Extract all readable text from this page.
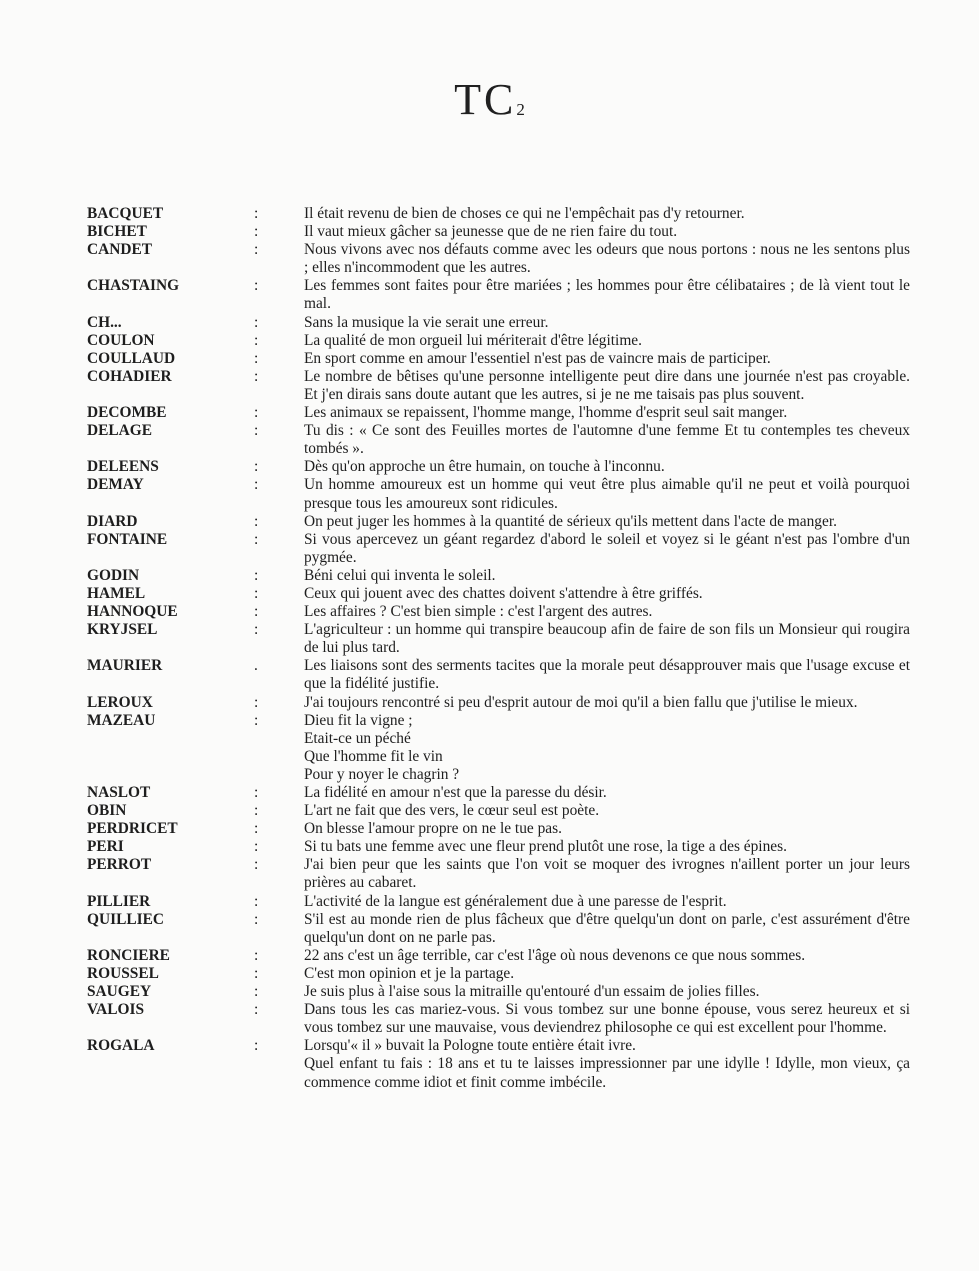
TC2
BACQUET	:	Il était revenu de bien de choses ce qui ne l'empêchait pas d'y retourner.
BICHET	:	Il vaut mieux gâcher sa jeunesse que de ne rien faire du tout.
CANDET	:	Nous vivons avec nos défauts comme avec les odeurs que nous portons : nous ne les sentons plus ; elles n'incommodent que les autres.
CHASTAING	:	Les femmes sont faites pour être mariées ; les hommes pour être célibataires ; de là vient tout le mal.
CH...	:	Sans la musique la vie serait une erreur.
COULON	:	La qualité de mon orgueil lui mériterait d'être légitime.
COULLAUD	:	En sport comme en amour l'essentiel n'est pas de vaincre mais de participer.
COHADIER	:	Le nombre de bêtises qu'une personne intelligente peut dire dans une journée n'est pas croyable. Et j'en dirais sans doute autant que les autres, si je ne me taisais pas plus souvent.
DECOMBE	:	Les animaux se repaissent, l'homme mange, l'homme d'esprit seul sait manger.
DELAGE	:	Tu dis : « Ce sont des Feuilles mortes de l'automne d'une femme Et tu contemples tes cheveux tombés ».
DELEENS	:	Dès qu'on approche un être humain, on touche à l'inconnu.
DEMAY	:	Un homme amoureux est un homme qui veut être plus aimable qu'il ne peut et voilà pourquoi presque tous les amoureux sont ridicules.
DIARD	:	On peut juger les hommes à la quantité de sérieux qu'ils mettent dans l'acte de manger.
FONTAINE	:	Si vous apercevez un géant regardez d'abord le soleil et voyez si le géant n'est pas l'ombre d'un pygmée.
GODIN	:	Béni celui qui inventa le soleil.
HAMEL	:	Ceux qui jouent avec des chattes doivent s'attendre à être griffés.
HANNOQUE	:	Les affaires ? C'est bien simple : c'est l'argent des autres.
KRYJSEL	:	L'agriculteur : un homme qui transpire beaucoup afin de faire de son fils un Monsieur qui rougira de lui plus tard.
MAURIER	.	Les liaisons sont des serments tacites que la morale peut désapprouver mais que l'usage excuse et que la fidélité justifie.
LEROUX	:	J'ai toujours rencontré si peu d'esprit autour de moi qu'il a bien fallu que j'utilise le mieux.
MAZEAU	:	Dieu fit la vigne ;
Etait-ce un péché
Que l'homme fit le vin
Pour y noyer le chagrin ?
NASLOT	:	La fidélité en amour n'est que la paresse du désir.
OBIN	:	L'art ne fait que des vers, le cœur seul est poète.
PERDRICET	:	On blesse l'amour propre on ne le tue pas.
PERI	:	Si tu bats une femme avec une fleur prend plutôt une rose, la tige a des épines.
PERROT	:	J'ai bien peur que les saints que l'on voit se moquer des ivrognes n'aillent porter un jour leurs prières au cabaret.
PILLIER	:	L'activité de la langue est généralement due à une paresse de l'esprit.
QUILLIEC	:	S'il est au monde rien de plus fâcheux que d'être quelqu'un dont on parle, c'est assurément d'être quelqu'un dont on ne parle pas.
RONCIERE	:	22 ans c'est un âge terrible, car c'est l'âge où nous devenons ce que nous sommes.
ROUSSEL	:	C'est mon opinion et je la partage.
SAUGEY	:	Je suis plus à l'aise sous la mitraille qu'entouré d'un essaim de jolies filles.
VALOIS	:	Dans tous les cas mariez-vous. Si vous tombez sur une bonne épouse, vous serez heureux et si vous tombez sur une mauvaise, vous deviendrez philosophe ce qui est excellent pour l'homme.
ROGALA	:	Lorsqu'« il » buvait la Pologne toute entière était ivre.
Quel enfant tu fais : 18 ans et tu te laisses impressionner par une idylle ! Idylle, mon vieux, ça commence comme idiot et finit comme imbécile.
